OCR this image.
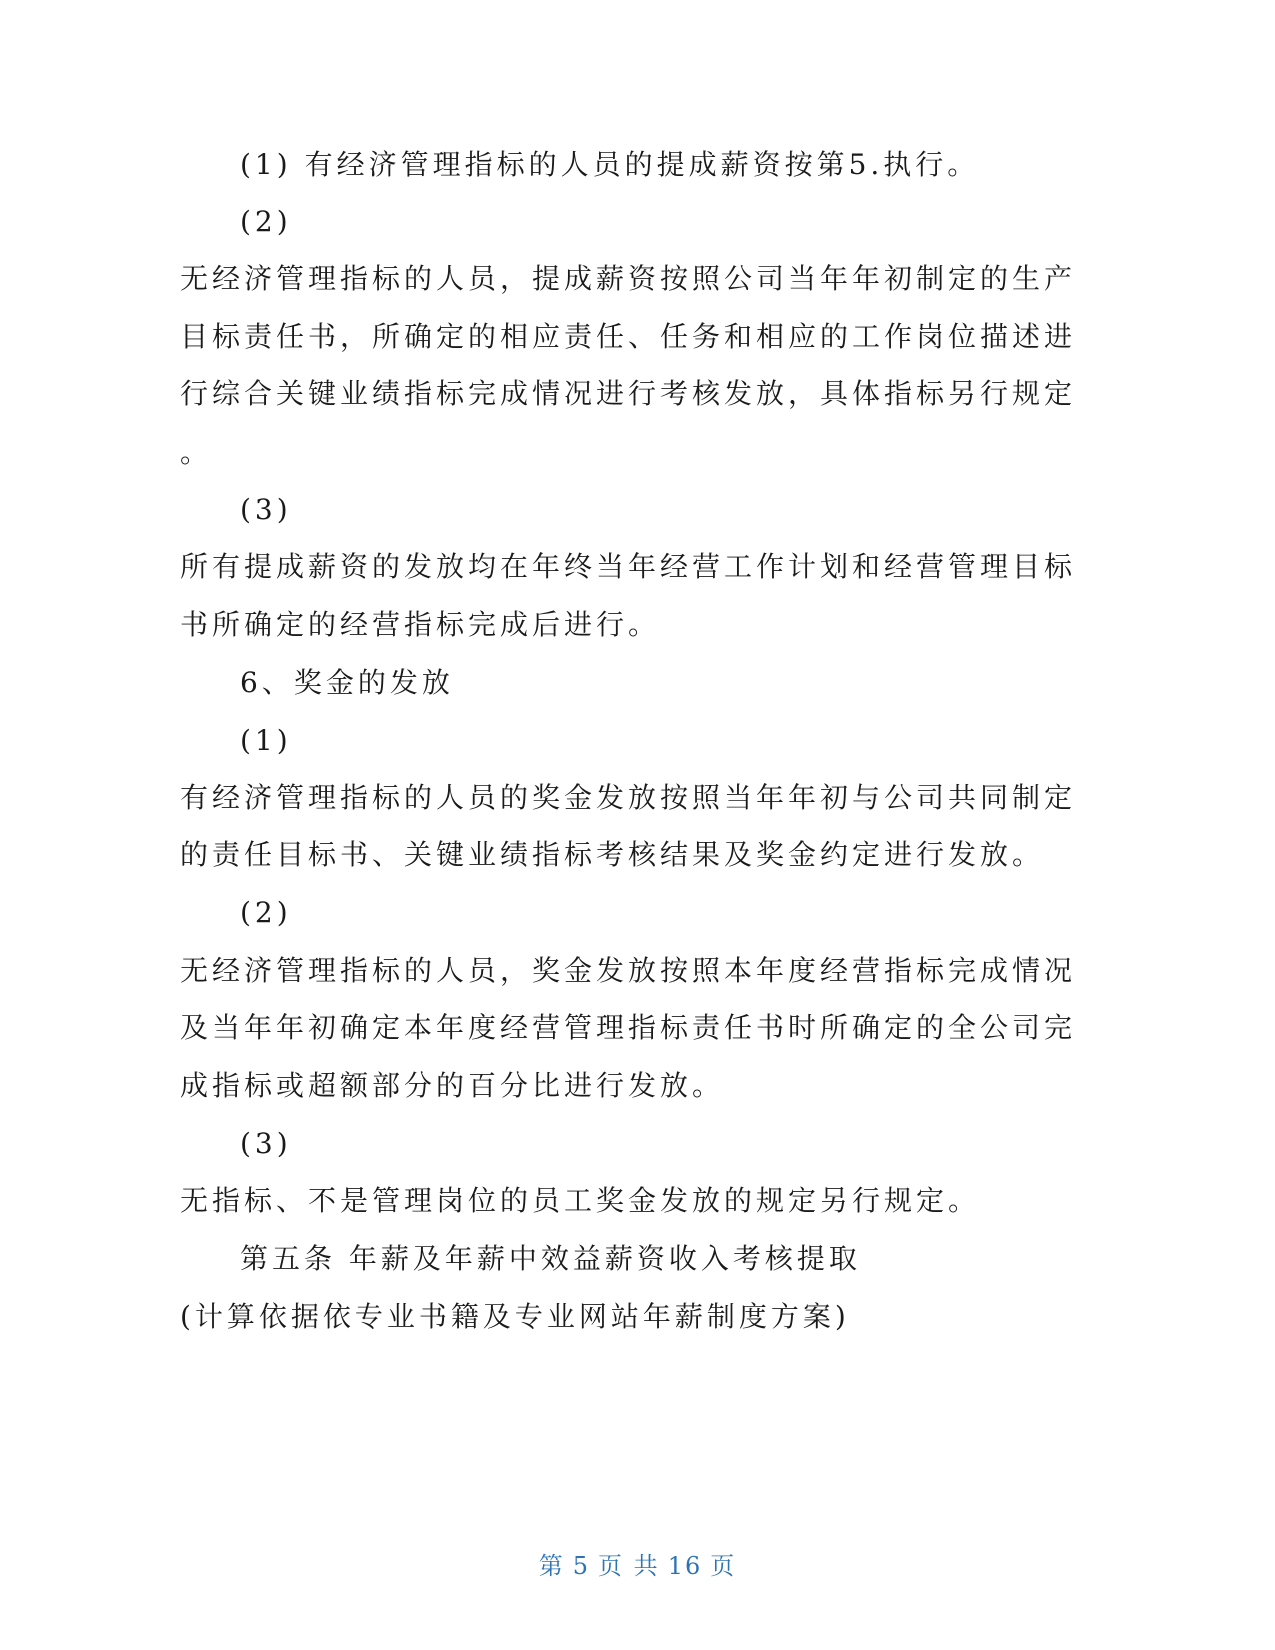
(1) 有经济管理指标的人员的提成薪资按第5.执行。
(2)
无经济管理指标的人员，提成薪资按照公司当年年初制定的生产
目标责任书，所确定的相应责任、任务和相应的工作岗位描述进
行综合关键业绩指标完成情况进行考核发放，具体指标另行规定
。
(3)
所有提成薪资的发放均在年终当年经营工作计划和经营管理目标
书所确定的经营指标完成后进行。
6、奖金的发放
(1)
有经济管理指标的人员的奖金发放按照当年年初与公司共同制定
的责任目标书、关键业绩指标考核结果及奖金约定进行发放。
(2)
无经济管理指标的人员，奖金发放按照本年度经营指标完成情况
及当年年初确定本年度经营管理指标责任书时所确定的全公司完
成指标或超额部分的百分比进行发放。
(3)
无指标、不是管理岗位的员工奖金发放的规定另行规定。
第五条 年薪及年薪中效益薪资收入考核提取
(计算依据依专业书籍及专业网站年薪制度方案)
第 5 页 共 16 页
